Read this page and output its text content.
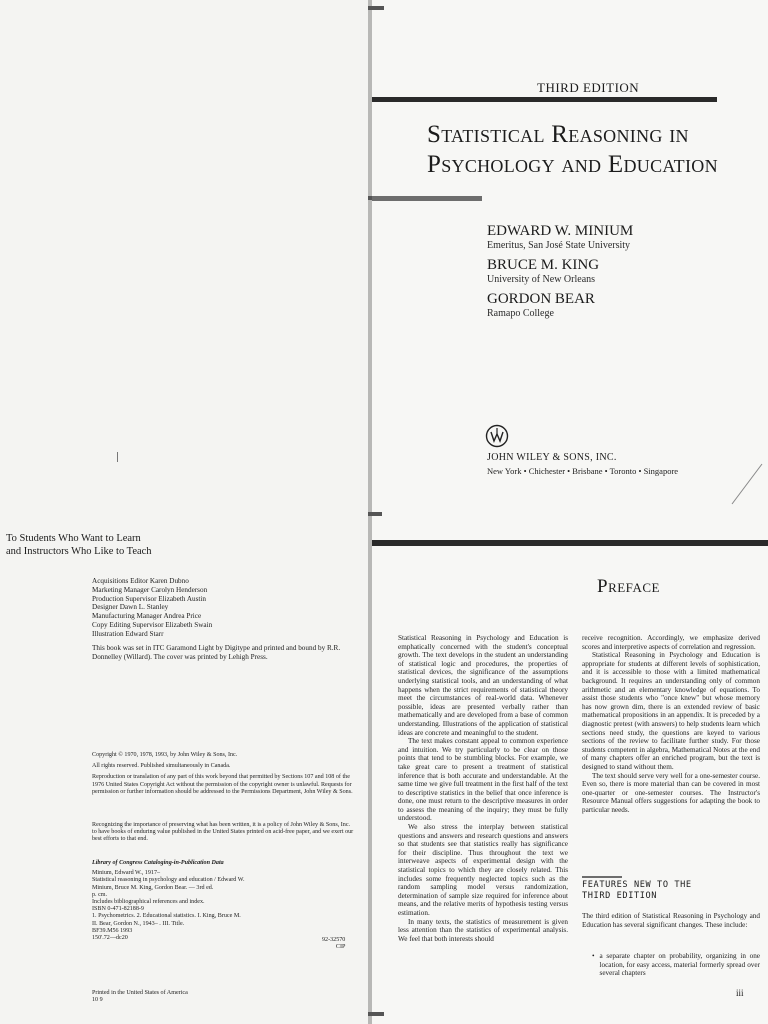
THIRD EDITION
Statistical Reasoning in
Psychology and Education
EDWARD W. MINIUM
Emeritus, San José State University
BRUCE M. KING
University of New Orleans
GORDON BEAR
Ramapo College
JOHN WILEY & SONS, INC.
New York • Chichester • Brisbane • Toronto • Singapore
To Students Who Want to Learn
and Instructors Who Like to Teach
Acquisitions Editor Karen Dubno
Marketing Manager Carolyn Henderson
Production Supervisor Elizabeth Austin
Designer Dawn L. Stanley
Manufacturing Manager Andrea Price
Copy Editing Supervisor Elizabeth Swain
Illustration Edward Starr
This book was set in ITC Garamond Light by Digitype and printed and bound by R.R. Donnelley (Willard). The cover was printed by Lehigh Press.
Copyright © 1970, 1978, 1993, by John Wiley & Sons, Inc.
All rights reserved. Published simultaneously in Canada.
Reproduction or translation of any part of this work beyond that permitted by Sections 107 and 108 of the 1976 United States Copyright Act without the permission of the copyright owner is unlawful. Requests for permission or further information should be addressed to the Permissions Department, John Wiley & Sons.
Recognizing the importance of preserving what has been written, it is a policy of John Wiley & Sons, Inc. to have books of enduring value published in the United States printed on acid-free paper, and we exert our best efforts to that end.
Library of Congress Cataloging-in-Publication Data
Minium, Edward W., 1917–
Statistical reasoning in psychology and education / Edward W.
Minium, Bruce M. King, Gordon Bear. — 3rd ed.
p. cm.
Includes bibliographical references and index.
ISBN 0-471-82188-9
1. Psychometrics. 2. Educational statistics. I. King, Bruce M.
II. Bear, Gordon N., 1943– . III. Title.
BF39.M56 1993
150'.72—dc20	92-32570
CIP
Printed in the United States of America
10 9
Preface

Statistical Reasoning in Psychology and Education is emphatically concerned with the student's conceptual growth. The text develops in the student an understanding of statistical logic and procedures, the properties of statistical devices, the significance of the assumptions underlying statistical tools, and an understanding of what happens when the strict requirements of statistical theory meet the circumstances of real-world data. Whenever possible, ideas are presented verbally rather than mathematically and are developed from a base of common understanding. Illustrations of the application of statistical ideas are concrete and meaningful to the student.

The text makes constant appeal to common experience and intuition. We try particularly to be clear on those points that tend to be stumbling blocks. For example, we take great care to present a treatment of statistical inference that is both accurate and understandable. At the same time we give full treatment in the first half of the text to descriptive statistics in the belief that once inference is done, one must return to the descriptive measures in order to assess the meaning of the inquiry; they must be fully understood.

We also stress the interplay between statistical questions and answers and research questions and answers so that students see that statistics really has significance for their discipline. Thus throughout the text we interweave aspects of experimental design with the statistical topics to which they are closely related. This includes some frequently neglected topics such as the random sampling model versus randomization, determination of sample size required for inference about means, and the relative merits of hypothesis testing versus estimation.

In many texts, the statistics of measurement is given less attention than the statistics of experimental analysis. We feel that both interests should

receive recognition. Accordingly, we emphasize derived scores and interpretive aspects of correlation and regression.

Statistical Reasoning in Psychology and Education is appropriate for students at different levels of sophistication, and it is accessible to those with a limited mathematical background. It requires an understanding only of common arithmetic and an elementary knowledge of equations. To assist those students who "once knew" but whose memory has now grown dim, there is an extended review of basic mathematical propositions in an appendix. It is preceded by a diagnostic pretest (with answers) to help students learn which sections need study, the questions are keyed to various sections of the review to facilitate further study. For those students competent in algebra, Mathematical Notes at the end of many chapters offer an enriched program, but the text is designed to stand without them.

The text should serve very well for a one-semester course. Even so, there is more material than can be covered in most one-quarter or one-semester courses. The Instructor's Resource Manual offers suggestions for adapting the book to particular needs.

FEATURES NEW TO THE
THIRD EDITION
The third edition of Statistical Reasoning in Psychology and Education has several significant changes. These include:
• a separate chapter on probability, organizing in one location, for easy access, material formerly spread over several chapters
iii
